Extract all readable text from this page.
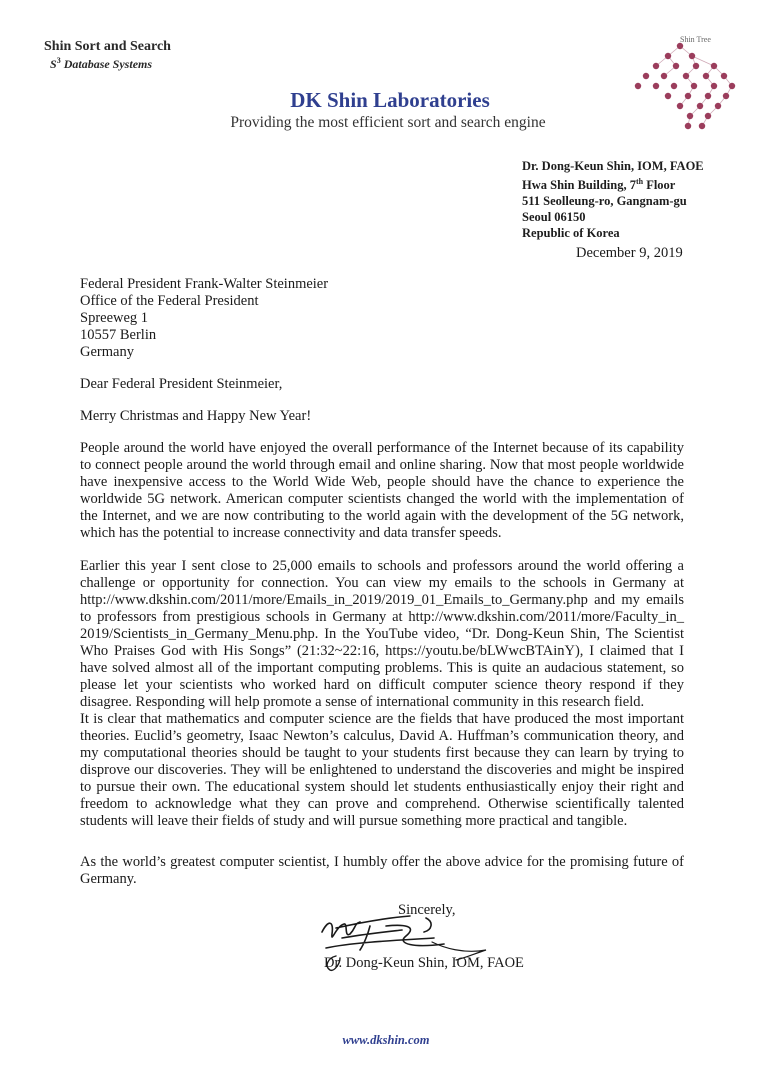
Shin Sort and Search
$S^3$ Database Systems
DK Shin Laboratories
Providing the most efficient sort and search engine
Shin Tree
Dr. Dong-Keun Shin, IOM, FAOE
Hwa Shin Building, 7th Floor
511 Seolleung-ro, Gangnam-gu
Seoul 06150
Republic of Korea
December 9, 2019
Federal President Frank-Walter Steinmeier
Office of the Federal President
Spreeweg 1
10557 Berlin
Germany
Dear Federal President Steinmeier,
Merry Christmas and Happy New Year!

People around the world have enjoyed the overall performance of the Internet because of its capability to connect people around the world through email and online sharing. Now that most people worldwide have inexpensive access to the World Wide Web, people should have the chance to experience the worldwide 5G network. American computer scientists changed the world with the implementation of the Internet, and we are now contributing to the world again with the development of the 5G network, which has the potential to increase connectivity and data transfer speeds.

Earlier this year I sent close to 25,000 emails to schools and professors around the world offering a challenge or opportunity for connection. You can view my emails to the schools in Germany at http://www.dkshin.com/2011/more/Emails_in_2019/2019_01_Emails_to_Germany.php and my emails to professors from prestigious schools in Germany at http://www.dkshin.com/2011/more/Faculty_in_ 2019/Scientists_in_Germany_Menu.php. In the YouTube video, “Dr. Dong-Keun Shin, The Scientist Who Praises God with His Songs” (21:32~22:16, https://youtu.be/bLWwcBTAinY), I claimed that I have solved almost all of the important computing problems. This is quite an audacious statement, so please let your scientists who worked hard on difficult computer science theory respond if they disagree. Responding will help promote a sense of international community in this research field.

It is clear that mathematics and computer science are the fields that have produced the most important theories. Euclid’s geometry, Isaac Newton’s calculus, David A. Huffman’s communication theory, and my computational theories should be taught to your students first because they can learn by trying to disprove our discoveries. They will be enlightened to understand the discoveries and might be inspired to pursue their own. The educational system should let students enthusiastically enjoy their right and freedom to acknowledge what they can prove and comprehend. Otherwise scientifically talented students will leave their fields of study and will pursue something more practical and tangible.

As the world’s greatest computer scientist, I humbly offer the above advice for the promising future of Germany.

Sincerely,
Dr. Dong-Keun Shin, IOM, FAOE
www.dkshin.com
